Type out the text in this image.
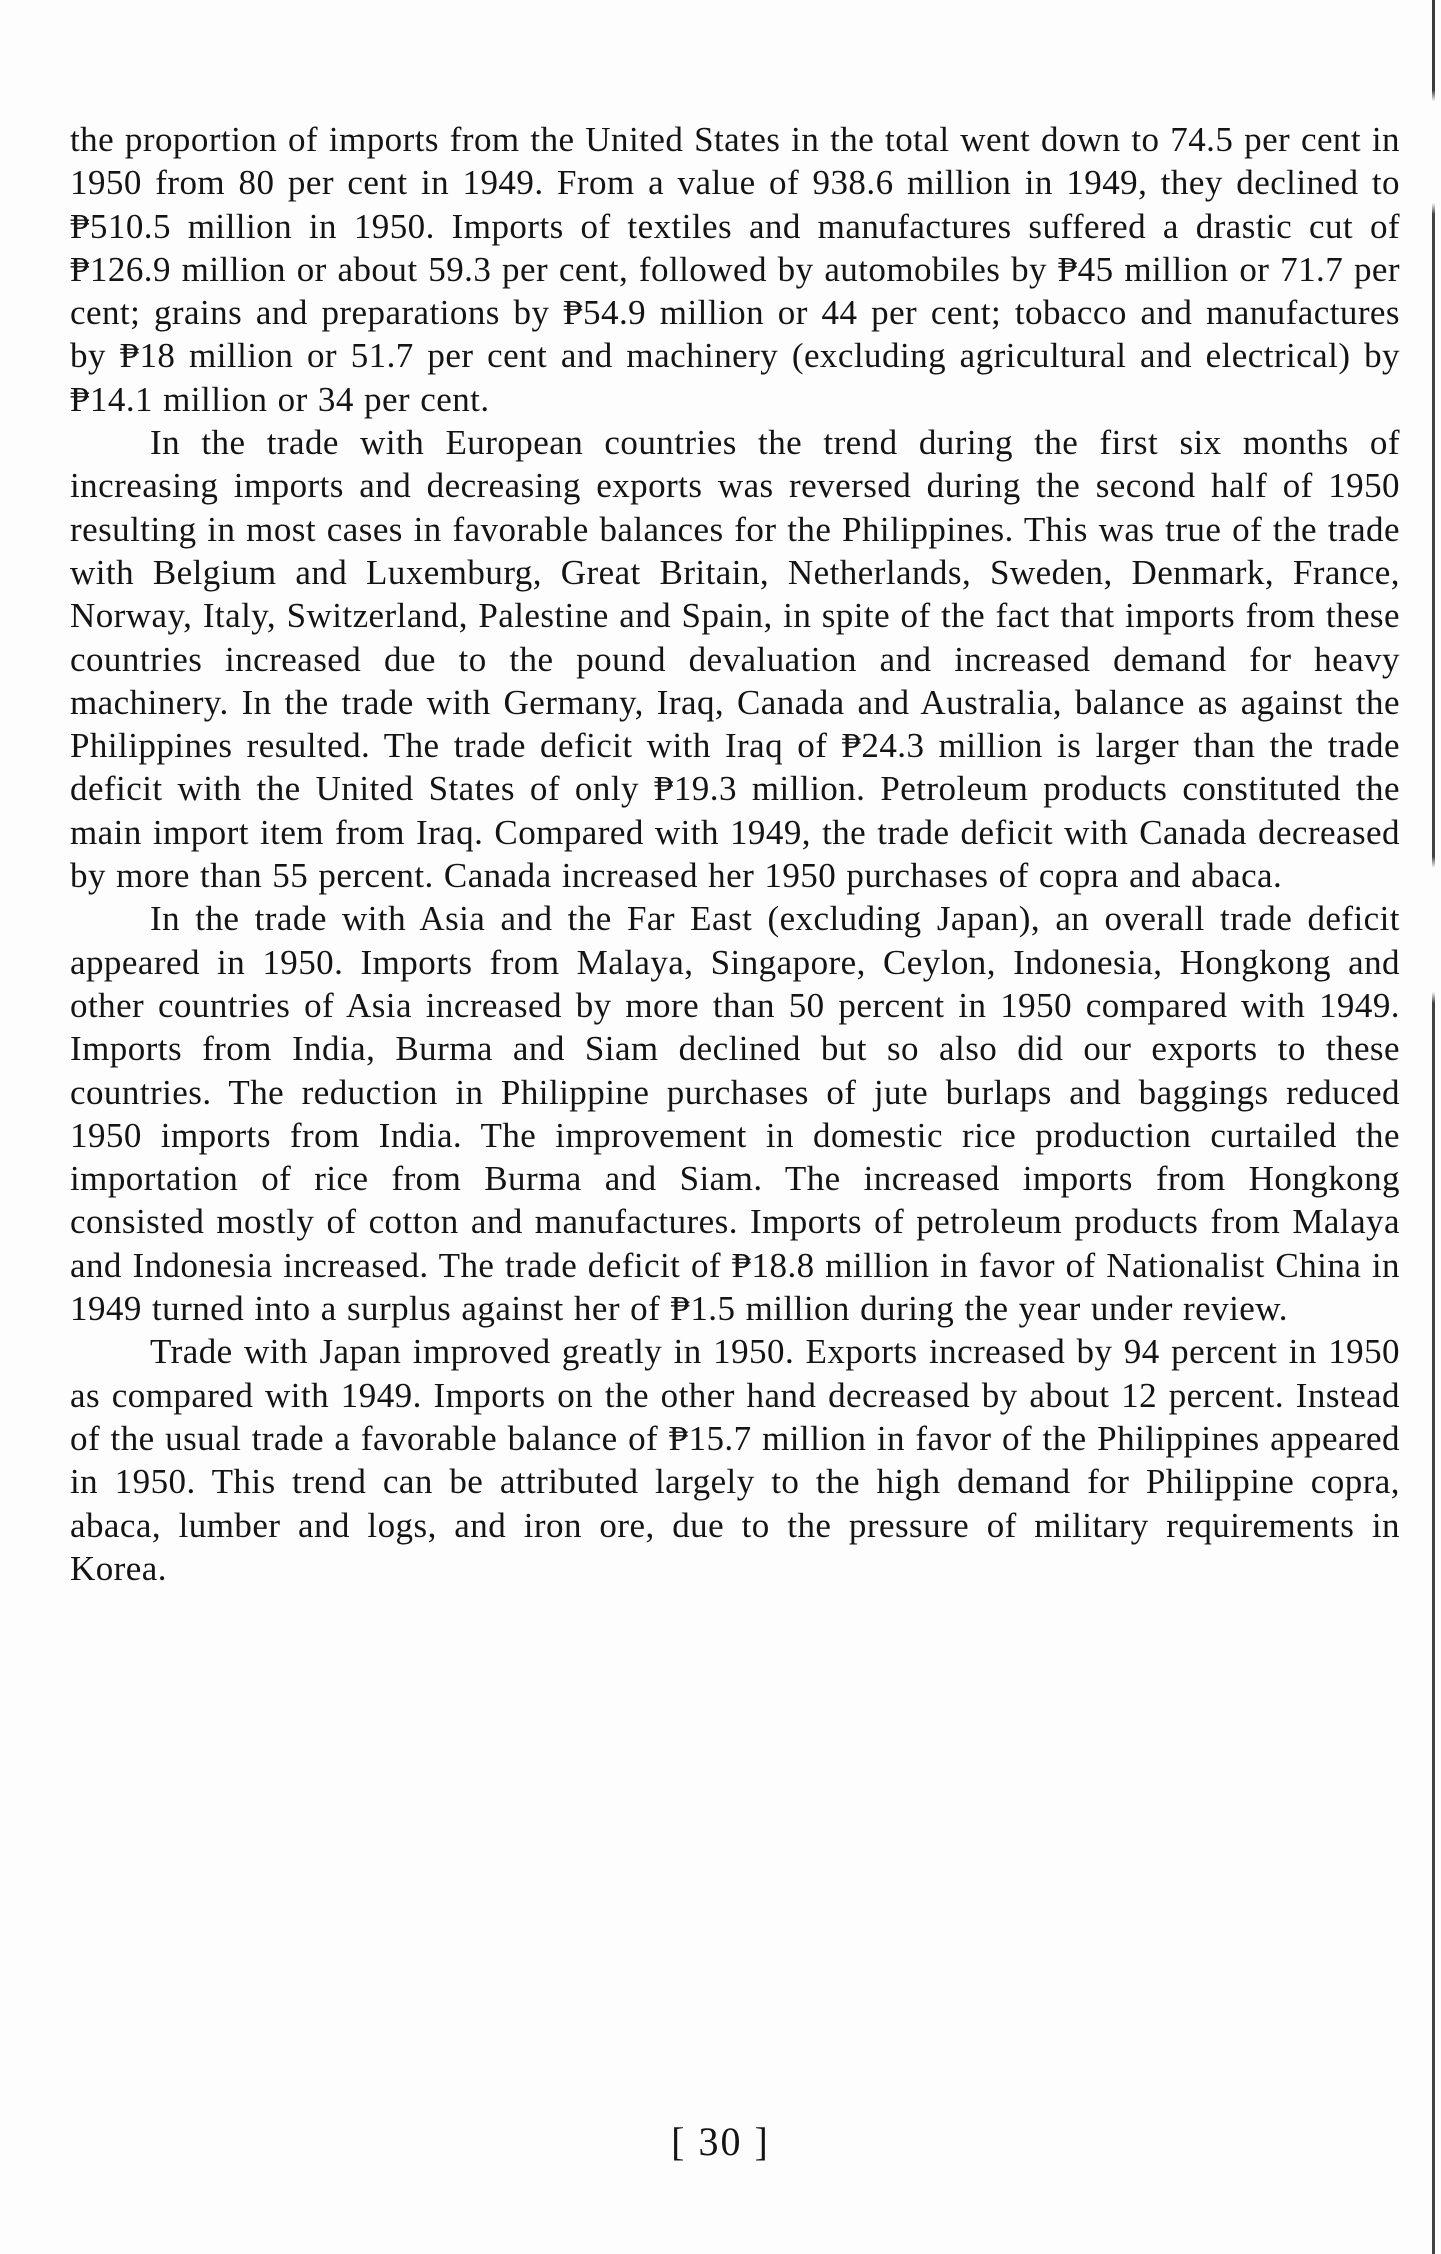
the proportion of imports from the United States in the total went down to 74.5 per cent in 1950 from 80 per cent in 1949. From a value of 938.6 million in 1949, they declined to ₱510.5 million in 1950. Imports of textiles and manufactures suffered a drastic cut of ₱126.9 million or about 59.3 per cent, followed by automobiles by ₱45 million or 71.7 per cent; grains and preparations by ₱54.9 million or 44 per cent; tobacco and manufactures by ₱18 million or 51.7 per cent and machinery (excluding agricultural and electrical) by ₱14.1 million or 34 per cent.

In the trade with European countries the trend during the first six months of increasing imports and decreasing exports was reversed during the second half of 1950 resulting in most cases in favorable balances for the Philippines. This was true of the trade with Belgium and Luxemburg, Great Britain, Netherlands, Sweden, Denmark, France, Norway, Italy, Switzerland, Palestine and Spain, in spite of the fact that imports from these countries increased due to the pound devaluation and increased demand for heavy machinery. In the trade with Germany, Iraq, Canada and Australia, balance as against the Philippines resulted. The trade deficit with Iraq of ₱24.3 million is larger than the trade deficit with the United States of only ₱19.3 million. Petroleum products constituted the main import item from Iraq. Compared with 1949, the trade deficit with Canada decreased by more than 55 percent. Canada increased her 1950 purchases of copra and abaca.

In the trade with Asia and the Far East (excluding Japan), an overall trade deficit appeared in 1950. Imports from Malaya, Singapore, Ceylon, Indonesia, Hongkong and other countries of Asia increased by more than 50 percent in 1950 compared with 1949. Imports from India, Burma and Siam declined but so also did our exports to these countries. The reduction in Philippine purchases of jute burlaps and baggings reduced 1950 imports from India. The improvement in domestic rice production curtailed the importation of rice from Burma and Siam. The increased imports from Hongkong consisted mostly of cotton and manufactures. Imports of petroleum products from Malaya and Indonesia increased. The trade deficit of ₱18.8 million in favor of Nationalist China in 1949 turned into a surplus against her of ₱1.5 million during the year under review.

Trade with Japan improved greatly in 1950. Exports increased by 94 percent in 1950 as compared with 1949. Imports on the other hand decreased by about 12 percent. Instead of the usual trade a favorable balance of ₱15.7 million in favor of the Philippines appeared in 1950. This trend can be attributed largely to the high demand for Philippine copra, abaca, lumber and logs, and iron ore, due to the pressure of military requirements in Korea.

[ 30 ]
